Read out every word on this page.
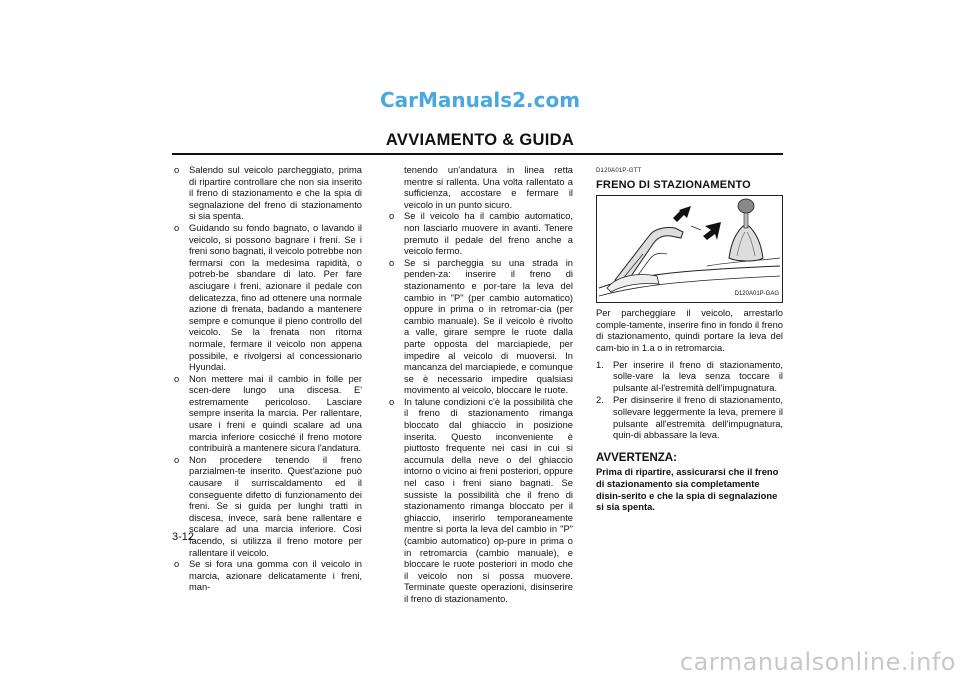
CarManuals2.com
AVVIAMENTO & GUIDA
o Salendo sul veicolo parcheggiato, prima di ripartire controllare che non sia inserito il freno di stazionamento e che la spia di segnalazione del freno di stazionamento si sia spenta.
o Guidando su fondo bagnato, o lavando il veicolo, si possono bagnare i freni. Se i freni sono bagnati, il veicolo potrebbe non fermarsi con la medesima rapidità, o potreb-be sbandare di lato. Per fare asciugare i freni, azionare il pedale con delicatezza, fino ad ottenere una normale azione di frenata, badando a mantenere sempre e comunque il pieno controllo del veicolo. Se la frenata non ritorna normale, fermare il veicolo non appena possibile, e rivolgersi al concessionario Hyundai.
o Non mettere mai il cambio in folle per scen-dere lungo una discesa. E' estremamente pericoloso. Lasciare sempre inserita la marcia. Per rallentare, usare i freni e quindi scalare ad una marcia inferiore cosicché il freno motore contribuirà a mantenere sicura l'andatura.
o Non procedere tenendo il freno parzialmen-te inserito. Quest'azione può causare il surriscaldamento ed il conseguente difetto di funzionamento dei freni. Se si guida per lunghi tratti in discesa, invece, sarà bene rallentare e scalare ad una marcia inferiore. Così facendo, si utilizza il freno motore per rallentare il veicolo.
o Se si fora una gomma con il veicolo in marcia, azionare delicatamente i freni, man-

tenendo un'andatura in linea retta mentre si rallenta. Una volta rallentato a sufficienza, accostare e fermare il veicolo in un punto sicuro.

o Se il veicolo ha il cambio automatico, non lasciarlo muovere in avanti. Tenere premuto il pedale del freno anche a veicolo fermo.
o Se si parcheggia su una strada in penden-za: inserire il freno di stazionamento e por-tare la leva del cambio in "P" (per cambio automatico) oppure in prima o in retromar-cia (per cambio manuale). Se il veicolo è rivolto a valle, girare sempre le ruote dalla parte opposta del marciapiede, per impedire al veicolo di muoversi. In mancanza del marciapiede, e comunque se è necessario impedire qualsiasi movimento al veicolo, bloccare le ruote.
o In talune condizioni c'è la possibilità che il freno di stazionamento rimanga bloccato dal ghiaccio in posizione inserita. Questo inconveniente è piuttosto frequente nei casi in cui si accumula della neve o del ghiaccio intorno o vicino ai freni posteriori, oppure nel caso i freni siano bagnati. Se sussiste la possibilità che il freno di stazionamento rimanga bloccato per il ghiaccio, inserirlo temporaneamente mentre si porta la leva del cambio in "P" (cambio automatico) op-pure in prima o in retromarcia (cambio manuale), e bloccare le ruote posteriori in modo che il veicolo non si possa muovere. Terminate queste operazioni, disinserire il freno di stazionamento.
D120A01P-GTT
FRENO DI STAZIONAMENTO
D120A01P-GAG
Per parcheggiare il veicolo, arrestarlo comple-tamente, inserire fino in fondo il freno di stazionamento, quindi portare la leva del cam-bio in 1.a o in retromarcia.
1. Per inserire il freno di stazionamento, solle-vare la leva senza toccare il pulsante al-l'estremità dell'impugnatura.
2. Per disinserire il freno di stazionamento, sollevare leggermente la leva, premere il pulsante all'estremità dell'impugnatura, quin-di abbassare la leva.
AVVERTENZA:
Prima di ripartire, assicurarsi che il freno di stazionamento sia completamente disin-serito e che la spia di segnalazione si sia spenta.
3-12
carmanualsonline.info
